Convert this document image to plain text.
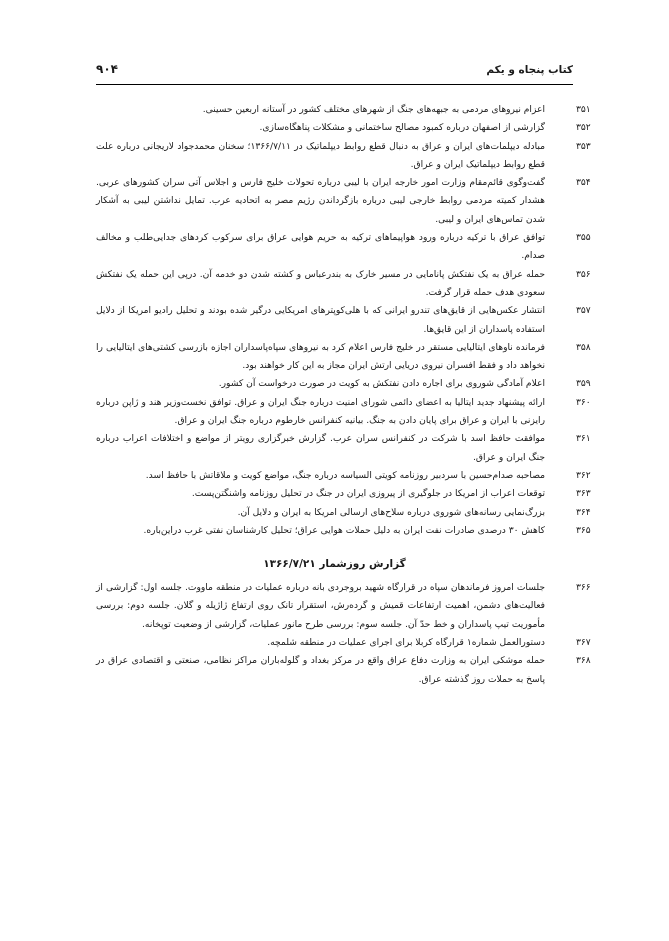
کتاب پنجاه و یکم
۹۰۴
۳۵۱
اعزام نیروهای مردمی به جبهه‌های جنگ از شهرهای مختلف کشور در آستانه اربعین حسینی.
۳۵۲
گزارشی از اصفهان درباره کمبود مصالح ساختمانی و مشکلات پناهگاه‌سازی.
۳۵۳
مبادله دیپلمات‌های ایران و عراق به دنبال قطع روابط دیپلماتیک در ۱۳۶۶/۷/۱۱؛ سخنان محمدجواد لاریجانی درباره علت قطع روابط دیپلماتیک ایران و عراق.
۳۵۴
گفت‌وگوی قائم‌مقام وزارت امور خارجه ایران با لیبی درباره تحولات خلیج فارس و اجلاس آتی سران کشورهای عربی. هشدار کمیته مردمی روابط خارجی لیبی درباره بازگرداندن رژیم مصر به اتحادیه عرب. تمایل نداشتن لیبی به آشکار شدن تماس‌های ایران و لیبی.
۳۵۵
توافق عراق با ترکیه درباره ورود هواپیماهای ترکیه به حریم هوایی عراق برای سرکوب کردهای جدایی‌طلب و مخالف صدام.
۳۵۶
حمله عراق به یک نفتکش پانامایی در مسیر خارک به بندرعباس و کشته شدن دو خدمه آن. درپی این حمله یک نفتکش سعودی هدف حمله قرار گرفت.
۳۵۷
انتشار عکس‌هایی از قایق‌های تندرو ایرانی که با هلی‌کوپترهای امریکایی درگیر شده بودند و تحلیل رادیو امریکا از دلایل استفاده پاسداران از این قایق‌ها.
۳۵۸
فرمانده ناوهای ایتالیایی مستقر در خلیج فارس اعلام کرد به نیروهای سپاه‌پاسداران اجازه بازرسی کشتی‌های ایتالیایی را نخواهد داد و فقط افسران نیروی دریایی ارتش ایران مجاز به این کار خواهند بود.
۳۵۹
اعلام آمادگی شوروی برای اجاره دادن نفتکش به کویت در صورت درخواست آن کشور.
۳۶۰
ارائه پیشنهاد جدید ایتالیا به اعضای دائمی شورای امنیت درباره جنگ ایران و عراق. توافق نخست‌وزیر هند و ژاپن درباره رایزنی با ایران و عراق برای پایان دادن به جنگ. بیانیه کنفرانس خارطوم درباره جنگ ایران و عراق.
۳۶۱
موافقت حافظ اسد با شرکت در کنفرانس سران عرب. گزارش خبرگزاری رویتر از مواضع و اختلافات اعراب درباره جنگ ایران و عراق.
۳۶۲
مصاحبه صدام‌حسین با سردبیر روزنامه کویتی السیاسه درباره جنگ، مواضع کویت و ملاقاتش با حافظ اسد.
۳۶۳
توقعات اعراب از امریکا در جلوگیری از پیروزی ایران در جنگ در تحلیل روزنامه واشنگتن‌پست.
۳۶۴
بزرگ‌نمایی رسانه‌های شوروی درباره سلاح‌های ارسالی امریکا به ایران و دلایل آن.
۳۶۵
کاهش ۳۰ درصدی صادرات نفت ایران به دلیل حملات هوایی عراق؛ تحلیل کارشناسان نفتی غرب دراین‌باره.
گزارش روزشمار ۱۳۶۶/۷/۲۱
۳۶۶
جلسات امروز فرماندهان سپاه در قرارگاه شهید بروجردی بانه درباره عملیات در منطقه ماووت. جلسه اول: گزارشی از فعالیت‌های دشمن، اهمیت ارتفاعات قمیش و گرده‌رش، استقرار تانک روی ارتفاع ژاژیله و گلان. جلسه دوم: بررسی مأموریت تیپ پاسداران و خط حدّ آن. جلسه سوم: بررسی طرح مانور عملیات، گزارشی از وضعیت توپخانه.
۳۶۷
دستورالعمل شماره۱ قرارگاه کربلا برای اجرای عملیات در منطقه شلمچه.
۳۶۸
حمله موشکی ایران به وزارت دفاع عراق واقع در مرکز بغداد و گلوله‌باران مراکز نظامی، صنعتی و اقتصادی عراق در پاسخ به حملات روز گذشته عراق.
